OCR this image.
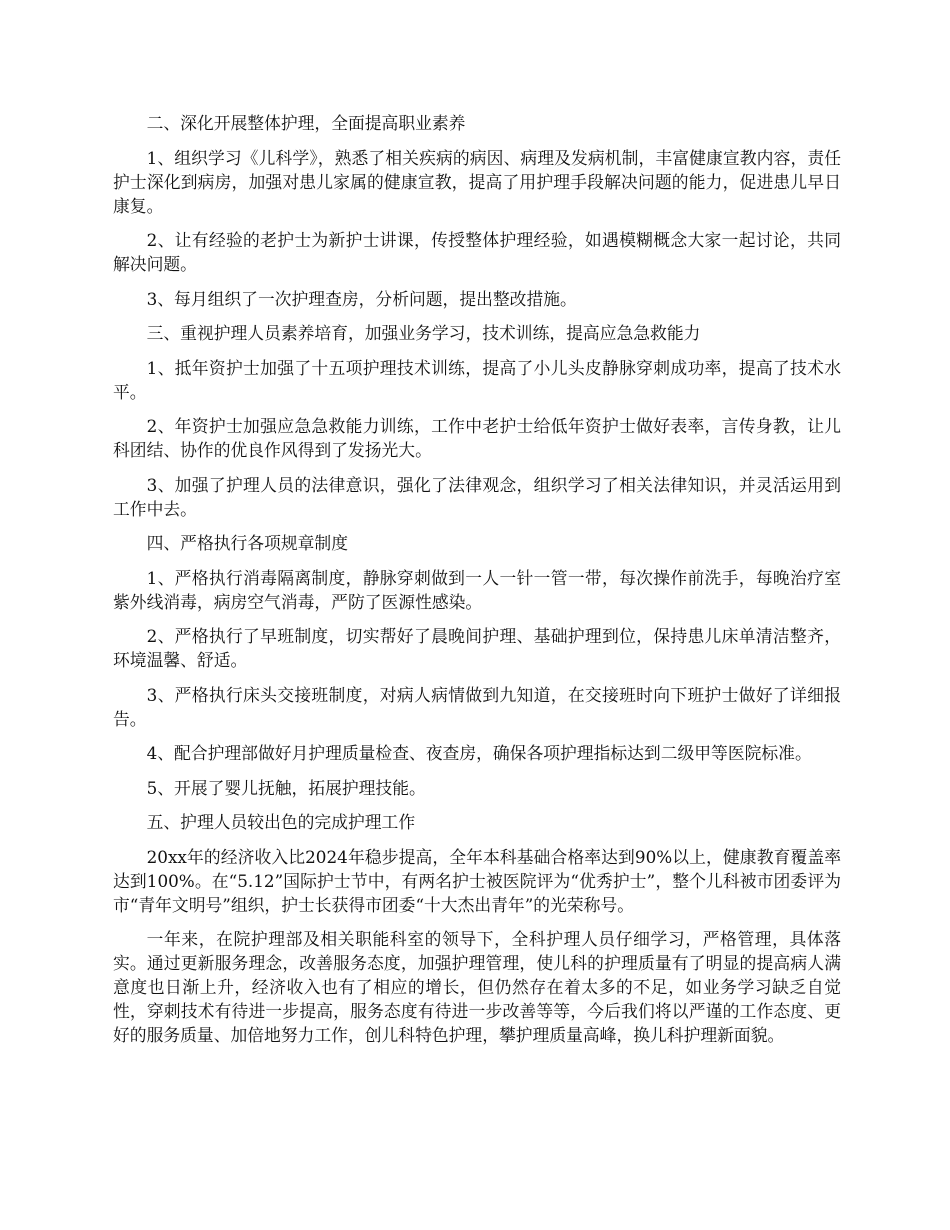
二、深化开展整体护理，全面提高职业素养

1、组织学习《儿科学》，熟悉了相关疾病的病因、病理及发病机制，丰富健康宣教内容，责任护士深化到病房，加强对患儿家属的健康宣教，提高了用护理手段解决问题的能力，促进患儿早日康复。

2、让有经验的老护士为新护士讲课，传授整体护理经验，如遇模糊概念大家一起讨论，共同解决问题。

3、每月组织了一次护理查房，分析问题，提出整改措施。

三、重视护理人员素养培育，加强业务学习，技术训练，提高应急急救能力

1、抵年资护士加强了十五项护理技术训练，提高了小儿头皮静脉穿刺成功率，提高了技术水平。

2、年资护士加强应急急救能力训练，工作中老护士给低年资护士做好表率，言传身教，让儿科团结、协作的优良作风得到了发扬光大。

3、加强了护理人员的法律意识，强化了法律观念，组织学习了相关法律知识，并灵活运用到工作中去。

四、严格执行各项规章制度

1、严格执行消毒隔离制度，静脉穿刺做到一人一针一管一带，每次操作前洗手，每晚治疗室紫外线消毒，病房空气消毒，严防了医源性感染。

2、严格执行了早班制度，切实帮好了晨晚间护理、基础护理到位，保持患儿床单清洁整齐，环境温馨、舒适。

3、严格执行床头交接班制度，对病人病情做到九知道，在交接班时向下班护士做好了详细报告。

4、配合护理部做好月护理质量检查、夜查房，确保各项护理指标达到二级甲等医院标准。

5、开展了婴儿抚触，拓展护理技能。

五、护理人员较出色的完成护理工作

20xx年的经济收入比2024年稳步提高，全年本科基础合格率达到90%以上，健康教育覆盖率达到100%。在“5.12”国际护士节中，有两名护士被医院评为“优秀护士”，整个儿科被市团委评为市“青年文明号”组织，护士长获得市团委“十大杰出青年”的光荣称号。

一年来，在院护理部及相关职能科室的领导下，全科护理人员仔细学习，严格管理，具体落实。通过更新服务理念，改善服务态度，加强护理管理，使儿科的护理质量有了明显的提高病人满意度也日渐上升，经济收入也有了相应的增长，但仍然存在着太多的不足，如业务学习缺乏自觉性，穿刺技术有待进一步提高，服务态度有待进一步改善等等，今后我们将以严谨的工作态度、更好的服务质量、加倍地努力工作，创儿科特色护理，攀护理质量高峰，换儿科护理新面貌。
